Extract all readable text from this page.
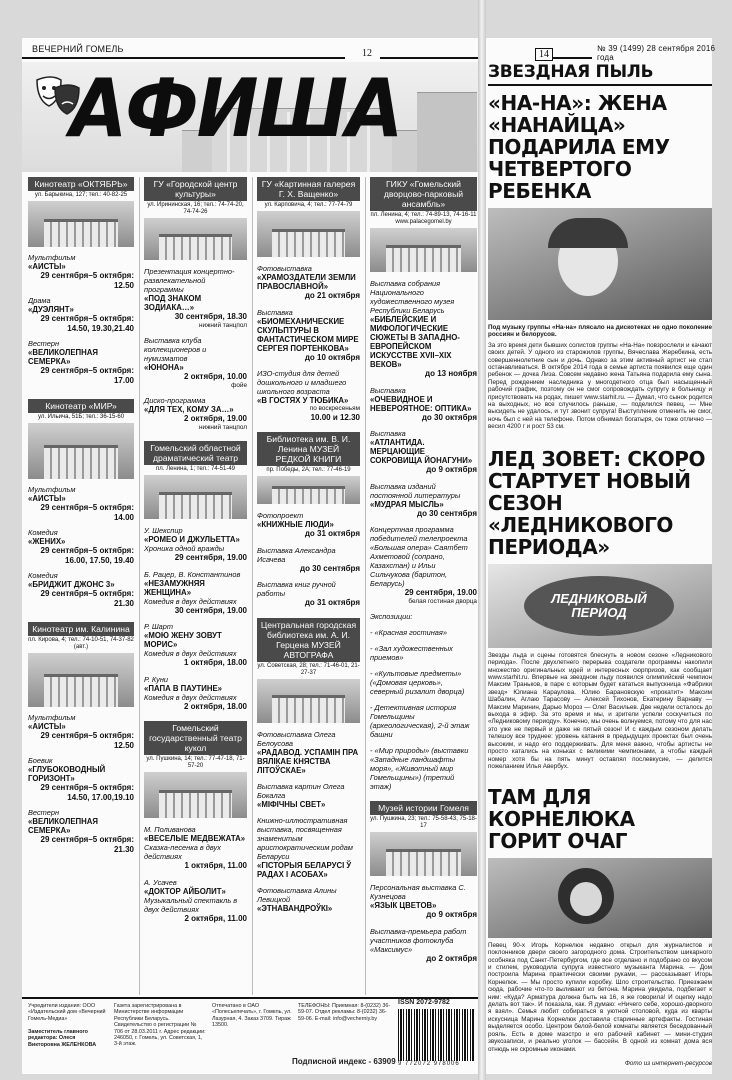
ВЕЧЕРНИЙ ГОМЕЛЬ	12	14
№ 39 (1499) 28 сентября 2016 года
АФИША
Кинотеатр «ОКТЯБРЬ»
ул. Барыкина, 127; тел.: 40-82-25
Мультфильм
«АИСТЫ»
29 сентября–5 октября:
12.50
Драма
«ДУЭЛЯНТ»
29 сентября–5 октября:
14.50, 19.30,21.40
Вестерн
«ВЕЛИКОЛЕПНАЯ СЕМЕРКА»
29 сентября–5 октября:
17.00
Кинотеатр «МИР»
ул. Ильича, 51Б; тел.: 36-15-60
Мультфильм
«АИСТЫ»
29 сентября–5 октября:
14.00
Комедия
«ЖЕНИХ»
29 сентября–5 октября:
16.00, 17.50, 19.40
Комедия
«БРИДЖИТ ДЖОНС 3»
29 сентября–5 октября:
21.30
Кинотеатр им. Калинина
пл. Кирова, 4; тел.: 74-10-51, 74-37-82 (авт.)
Мультфильм
«АИСТЫ»
29 сентября–5 октября:
12.50
Боевик
«ГЛУБОКОВОДНЫЙ ГОРИЗОНТ»
29 сентября–5 октября:
14.50, 17.00,19.10
Вестерн
«ВЕЛИКОЛЕПНАЯ СЕМЕРКА»
29 сентября–5 октября:
21.30
ГУ «Городской центр культуры»
ул. Ирининская, 16; тел.: 74-74-20, 74-74-26
Презентация концертно-развлекательной программы
«ПОД ЗНАКОМ ЗОДИАКА…»
30 сентября, 18.30
нижний танцпол
Выставка клуба коллекционеров и нумизматов
«ЮНОНА»
2 октября, 10.00
фойе
Диско-программа
«ДЛЯ ТЕХ, КОМУ ЗА…»
2 октября, 19.00
нижний танцпол
Гомельский областной драматический театр
пл. Ленина, 1; тел.: 74-51-49
У. Шекспир
«РОМЕО И ДЖУЛЬЕТТА»
Хроника одной вражды
29 сентября, 19.00
Б. Рацер, В. Константинов
«НЕЗАМУЖНЯЯ ЖЕНЩИНА»
Комедия в двух действиях
30 сентября, 19.00
Р. Шарт
«МОЮ ЖЕНУ ЗОВУТ МОРИС»
Комедия в двух действиях
1 октября, 18.00
Р. Куни
«ПАПА В ПАУТИНЕ»
Комедия в двух действиях
2 октября, 18.00
Гомельский государственный театр кукол
ул. Пушкина, 14; тел.: 77-47-18, 71-57-20
М. Поливанова
«ВЕСЕЛЫЕ МЕДВЕЖАТА»
Сказка-песенка в двух действиях
1 октября, 11.00
А. Усачев
«ДОКТОР АЙБОЛИТ»
Музыкальный спектакль в двух действиях
2 октября, 11.00
ГУ «Картинная галерея Г. Х. Ващенко»
ул. Карповича, 4; тел.: 77-74-79
Фотовыставка
«ХРАМОЗДАТЕЛИ ЗЕМЛИ ПРАВОСЛАВНОЙ»
до 21 октября
Выставка
«БИОМЕХАНИЧЕСКИЕ СКУЛЬПТУРЫ В ФАНТАСТИЧЕСКОМ МИРЕ СЕРГЕЯ ПОРТЕНКОВА»
до 10 октября
ИЗО-студия для детей дошкольного и младшего школьного возраста
«В ГОСТЯХ У ТЮБИКА»
по воскресеньям
10.00 и 12.30
Библиотека им. В. И. Ленина МУЗЕЙ РЕДКОЙ КНИГИ
пр. Победы, 2А; тел.: 77-46-19
Фотопроект
«КНИЖНЫЕ ЛЮДИ»
до 31 октября
Выставка Александра Исачева
до 30 сентября
Выставка книг ручной работы
до 31 октября
Центральная городская библиотека им. А. И. Герцена МУЗЕЙ АВТОГРАФА
ул. Советская, 28; тел.: 71-46-01, 21-27-37
Фотовыставка Олега Белоусова
«РАДАВОД. УСПАМІН ПРА ВЯЛІКАЕ КНЯСТВА ЛІТОЎСКАЕ»
Выставка картин Олега Бокалга
«МІФІЧНЫ СВЕТ»
Книжно-иллюстративная выставка, посвященная знаменитым аристократическим родам Беларуси
«ГІСТОРЫЯ БЕЛАРУСІ Ў РАДАХ І АСОБАХ»
Фотовыставка Алины Левицкой
«ЭТНАВАНДРОЎКІ»
ГИКУ «Гомельский дворцово-парковый ансамбль»
пл. Ленина, 4; тел.: 74-89-13, 74-16-11 www.palacegomel.by
Выставка собрания Национального художественного музея Республики Беларусь
«БИБЛЕЙСКИЕ И МИФОЛОГИЧЕСКИЕ СЮЖЕТЫ В ЗАПАДНО-ЕВРОПЕЙСКОМ ИСКУССТВЕ XVII–XIX ВЕКОВ»
до 13 ноября
Выставка
«ОЧЕВИДНОЕ И НЕВЕРОЯТНОЕ: ОПТИКА»
до 30 октября
Выставка
«АТЛАНТИДА. МЕРЦАЮЩИЕ СОКРОВИЩА ЙОНАГУНИ»
до 9 октября
Выставка изданий постоянной литературы
«МУДРАЯ МЫСЛЬ»
до 30 сентября
Концертная программа победителей телепроекта «Большая опера» Саятбет Ахметовой (сопрано, Казахстан) и Ильи Сильчукова (баритон, Беларусь)
29 сентября, 19.00
белая гостиная дворца
Экспозиции:
- «Красная гостиная»
- «Зал художественных приемов»
- «Культовые предметы» («Домовая церковь», северный ризалит дворца)
- Детективная история Гомельщины (археологическая), 2-й этаж башни
- «Мир природы» (выставки «Западные ландшафты моря», «Животный мир Гомельщины») (третий этаж)
Музей истории Гомеля
ул. Пушкина, 23; тел.: 75-58-43, 75-18-17
Персональная выставка С. Кузнецова
«ЯЗЫК ЦВЕТОВ»
до 9 октября
Выставка-премьера работ участников фотоклуба «Максимус»
до 2 октября
ЗВЕЗДНАЯ ПЫЛЬ
«НА-НА»: ЖЕНА «НАНАЙЦА» ПОДАРИЛА ЕМУ ЧЕТВЕРТОГО РЕБЕНКА
Под музыку группы «На-на» плясало на дискотеках не одно поколение россиян и белорусов.
За это время дети бывших солистов группы «На-На» повзрослели и качают своих детей. У одного из старожилов группы, Вячеслава Жеребкина, есть совершеннолетние сын и дочь. Однако за этим активный артист не стал останавливаться. В октябре 2014 года в семье артиста появился еще один ребенок — дочка Лиза. Совсем недавно жена Татьяна подарила ему сына. Перед рождением наследника у многодетного отца был насыщенный рабочий график, поэтому он не смог сопровождать супругу в больницу и присутствовать на родах, пишет www.starhit.ru. — Думал, что сынок родится на выходных, но все случилось раньше, — поделился певец. — Мне высидеть не удалось, и тут звонит супруга! Выступление отменить не смог, ночь был с ней на телефоне. Потом обнимал богатыря, он тоже отлично — весил 4200 г и рост 53 см.
ЛЕД ЗОВЕТ: СКОРО СТАРТУЕТ НОВЫЙ СЕЗОН «ЛЕДНИКОВОГО ПЕРИОДА»
ЛЕДНИКОВЫЙ ПЕРИОД
Звезды льда и сцены готовятся блеснуть в новом сезоне «Ледникового периода». После двухлетнего перерыва создатели программы накопили множество оригинальных идей и интересных сюрпризов, как сообщает www.starhit.ru. Впервые на звездном льду появился олимпийский чемпион Максим Траньков, в паре с которым будет кататься выпускница «Фабрики звезд» Юлиана Караулова. Юлию Барановскую «прокатит» Максим Шабалин, Аглаю Тарасову — Алексей Тихонов, Екатерину Варнаву — Максим Маринин, Дарью Мороз — Олег Васильев. Две недели осталось до выхода в эфир. За это время и мы, и зрители успели соскучиться по «Ледниковому периоду». Конечно, мы очень волнуемся, потому что для нас это уже не первый и даже не пятый сезон! И с каждым сезоном делать телешоу все труднее: уровень катания в предыдущих проектах был очень высоким, и надо его поддерживать. Для меня важно, чтобы артисты не просто катались на коньках с великими чемпионами, а чтобы каждый номер хотя бы на пять минут оставлял послевкусие, — делится пожеланием Илья Авербух.
ТАМ ДЛЯ КОРНЕЛЮКА ГОРИТ ОЧАГ
Певец 90-х Игорь Корнелюк недавно открыл для журналистов и поклонников двери своего загородного дома. Строительством шикарного особняка под Санкт-Петербургом, где все отделано и подобрано со вкусом и стилем, руководила супруга известного музыканта Марина. — Дом построила Марина практически своими руками, — рассказывает Игорь Корнелюк. — Мы просто купили коробку. Шло строительство. Приезжаем сюда, рабочие что-то выливают из бетона. Марина увидела, подбегает к ним: «Куда? Арматура должна быть на 16, я же говорила! И оцепку надо делать вот так». И показала, как. Я думаю: «Ничего себе, хорошо-дворного я взял». Семья любит собираться в уютной столовой, куда из кварты искусница Марина Корнелюк доставила старинные артефакты. Гостиная выделяется особо. Центром белой-белой комнаты является беседованный рояль. Есть в доме маэстро и его рабочий кабинет — мини-студия звукозаписи, и реально уголок — бассейн. В одной из комнат дома вся отнюдь не скромные иконами.
Фото из интернет-ресурсов
Учредители издания: ООО «Издательский дом «Вечерний Гомель-Медиа»
Заместитель главного редактора: Олеся Викторовна ЖЕЛЕНКОВА
Газета зарегистрирована в Министерстве информации Республики Беларусь. Свидетельство о регистрации № 706 от 28.03.2011 г. Адрес редакции: 246050, г. Гомель, ул. Советская, 1, 3-й этаж.
Отпечатано в ОАО «Полесьепечать», г. Гомель, ул. Лазурная, 4. Заказ 3709. Тираж 13500.
ТЕЛЕФОНЫ: Приемная: 8-(0232) 36-59-07. Отдел рекламы: 8-(0232) 36-59-06. E-mail: info@vecherniy.by
Подписной индекс - 63909
ISSN 2072-9782
9 772072 978006
